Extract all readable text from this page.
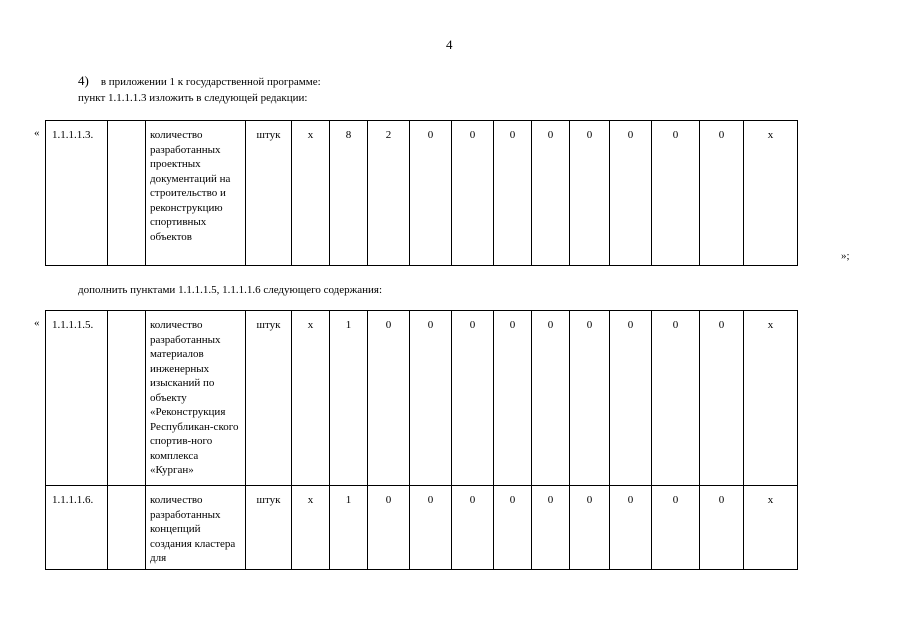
4
4) в приложении 1 к государственной программе:
пункт 1.1.1.1.3 изложить в следующей редакции:
« 1.1.1.1.3.		количество разработанных проектных документаций на строительство и реконструкцию спортивных объектов	штук	х	8	2	0	0	0	0	0	0	0	0	х
»;
дополнить пунктами 1.1.1.1.5, 1.1.1.1.6 следующего содержания:
« 1.1.1.1.5.		количество разработанных материалов инженерных изысканий по объекту «Реконструкция Республикан-ского спортив-ного комплекса «Курган»	штук	х	1	0	0	0	0	0	0	0	0	0	х
1.1.1.1.6.		количество разработанных концепций создания кластера для	штук	х	1	0	0	0	0	0	0	0	0	0	х
